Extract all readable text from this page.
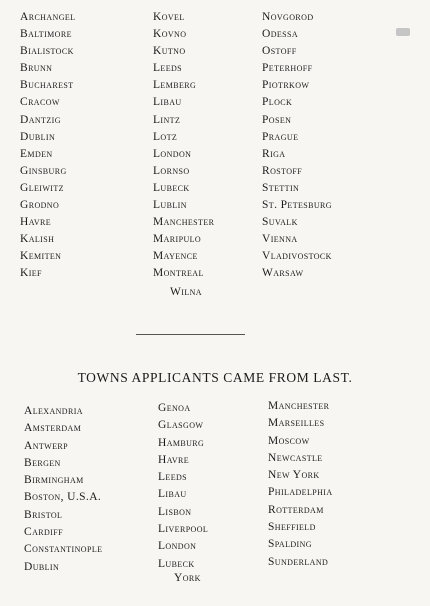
Archangel
Baltimore
Bialistock
Brunn
Bucharest
Cracow
Dantzig
Dublin
Emden
Ginsburg
Gleiwitz
Grodno
Havre
Kalish
Kemiten
Kief
Kovel
Kovno
Kutno
Leeds
Lemberg
Libau
Lintz
Lotz
London
Lornso
Lubeck
Lublin
Manchester
Maripulo
Mayence
Montreal
Novgorod
Odessa
Ostoff
Peterhoff
Piotrkow
Plock
Posen
Prague
Riga
Rostoff
Stettin
St. Petesburg
Suvalk
Vienna
Vladivostock
Warsaw
Wilna
TOWNS APPLICANTS CAME FROM LAST.
Alexandria
Amsterdam
Antwerp
Bergen
Birmingham
Boston, U.S.A.
Bristol
Cardiff
Constantinople
Dublin
Genoa
Glasgow
Hamburg
Havre
Leeds
Libau
Lisbon
Liverpool
London
Lubeck
Manchester
Marseilles
Moscow
Newcastle
New York
Philadelphia
Rotterdam
Sheffield
Spalding
Sunderland
York
